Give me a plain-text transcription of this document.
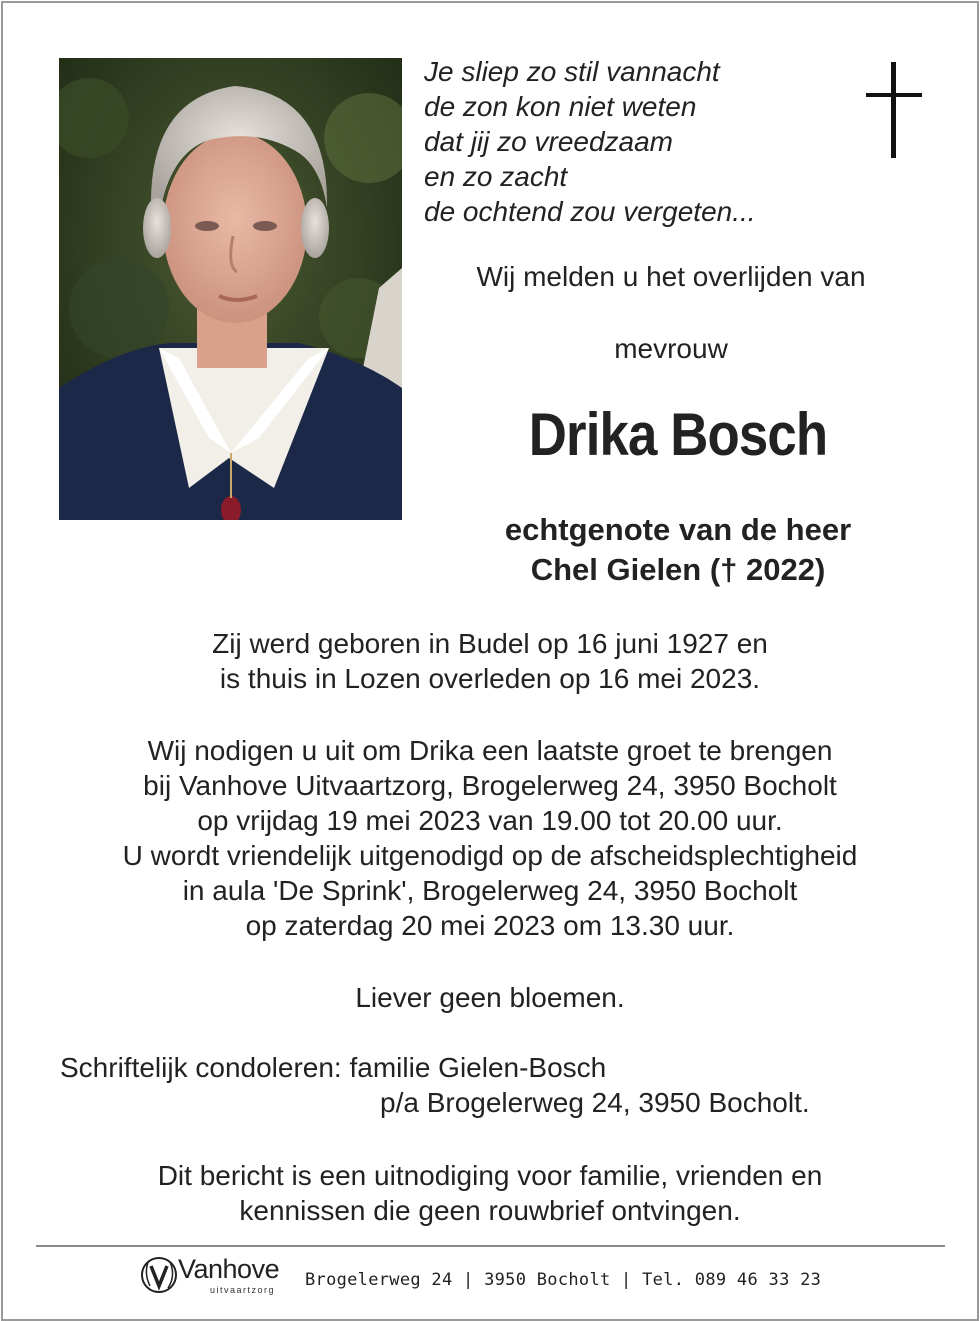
Je sliep zo stil vannacht
de zon kon niet weten
dat jij zo vreedzaam
en zo zacht
de ochtend zou vergeten...
Wij melden u het overlijden van
mevrouw
Drika Bosch
echtgenote van de heer
Chel Gielen († 2022)
Zij werd geboren in Budel op 16 juni 1927 en
is thuis in Lozen overleden op 16 mei 2023.
Wij nodigen u uit om Drika een laatste groet te brengen
bij Vanhove Uitvaartzorg, Brogelerweg 24, 3950 Bocholt
op vrijdag 19 mei 2023 van 19.00 tot 20.00 uur.
U wordt vriendelijk uitgenodigd op de afscheidsplechtigheid
in aula 'De Sprink', Brogelerweg 24, 3950 Bocholt
op zaterdag 20 mei 2023 om 13.30 uur.
Liever geen bloemen.
Schriftelijk condoleren: familie Gielen-Bosch
p/a Brogelerweg 24, 3950 Bocholt.
Dit bericht is een uitnodiging voor familie, vrienden en
kennissen die geen rouwbrief ontvingen.
Vanhove
uitvaartzorg Brogelerweg 24 | 3950 Bocholt | Tel. 089 46 33 23
